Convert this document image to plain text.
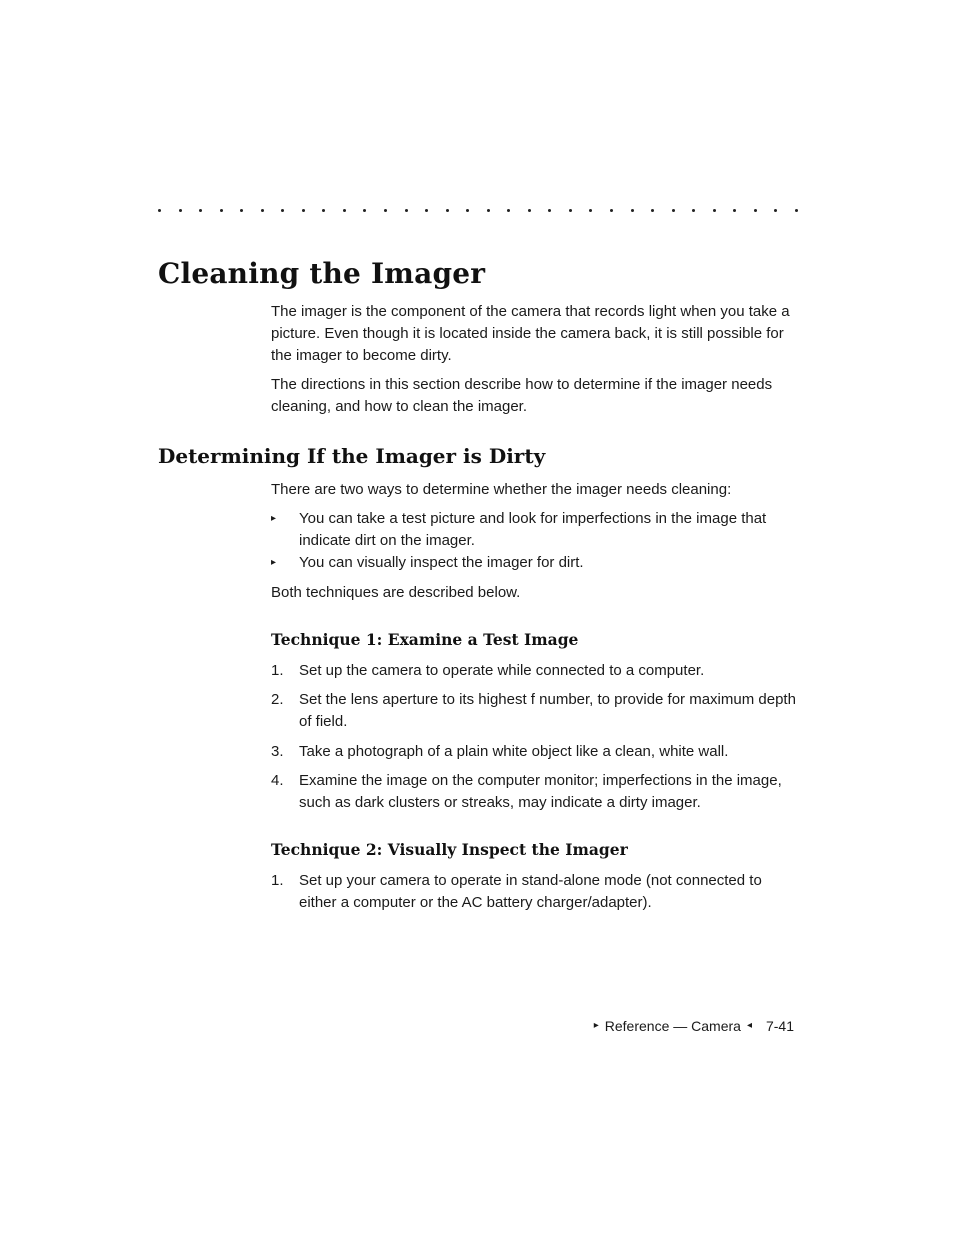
Cleaning the Imager

The imager is the component of the camera that records light when you take a picture. Even though it is located inside the camera back, it is still possible for the imager to become dirty.

The directions in this section describe how to determine if the imager needs cleaning, and how to clean the imager.

Determining If the Imager is Dirty

There are two ways to determine whether the imager needs cleaning:

▸	You can take a test picture and look for imperfections in the image that indicate dirt on the imager.
▸	You can visually inspect the imager for dirt.

Both techniques are described below.

Technique 1: Examine a Test Image
1.	Set up the camera to operate while connected to a computer.
2.	Set the lens aperture to its highest f number, to provide for maximum depth of field.
3.	Take a photograph of a plain white object like a clean, white wall.
4.	Examine the image on the computer monitor; imperfections in the image, such as dark clusters or streaks, may indicate a dirty imager.
Technique 2: Visually Inspect the Imager
1.	Set up your camera to operate in stand-alone mode (not connected to either a computer or the AC battery charger/adapter).
▸ Reference — Camera ◂ 7-41
